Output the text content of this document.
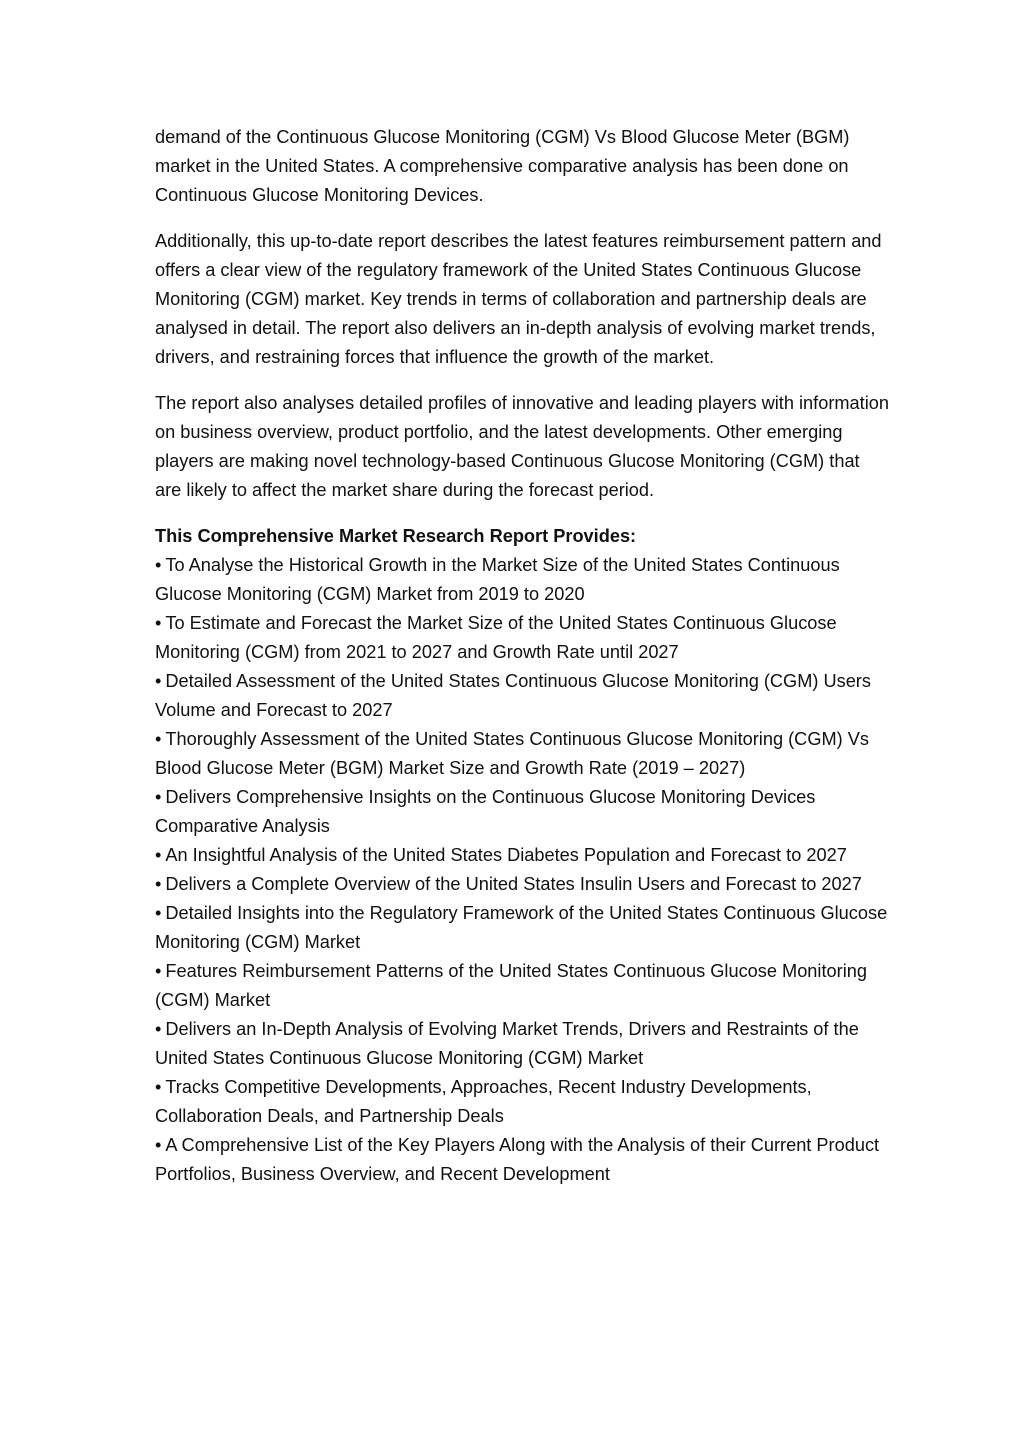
demand of the Continuous Glucose Monitoring (CGM) Vs Blood Glucose Meter (BGM) market in the United States. A comprehensive comparative analysis has been done on Continuous Glucose Monitoring Devices.

Additionally, this up-to-date report describes the latest features reimbursement pattern and offers a clear view of the regulatory framework of the United States Continuous Glucose Monitoring (CGM) market. Key trends in terms of collaboration and partnership deals are analysed in detail. The report also delivers an in-depth analysis of evolving market trends, drivers, and restraining forces that influence the growth of the market.

The report also analyses detailed profiles of innovative and leading players with information on business overview, product portfolio, and the latest developments. Other emerging players are making novel technology-based Continuous Glucose Monitoring (CGM) that are likely to affect the market share during the forecast period.

This Comprehensive Market Research Report Provides:

• To Analyse the Historical Growth in the Market Size of the United States Continuous Glucose Monitoring (CGM) Market from 2019 to 2020
• To Estimate and Forecast the Market Size of the United States Continuous Glucose Monitoring (CGM) from 2021 to 2027 and Growth Rate until 2027
• Detailed Assessment of the United States Continuous Glucose Monitoring (CGM) Users Volume and Forecast to 2027
• Thoroughly Assessment of the United States Continuous Glucose Monitoring (CGM) Vs Blood Glucose Meter (BGM) Market Size and Growth Rate (2019 – 2027)
• Delivers Comprehensive Insights on the Continuous Glucose Monitoring Devices Comparative Analysis
• An Insightful Analysis of the United States Diabetes Population and Forecast to 2027
• Delivers a Complete Overview of the United States Insulin Users and Forecast to 2027
• Detailed Insights into the Regulatory Framework of the United States Continuous Glucose Monitoring (CGM) Market
• Features Reimbursement Patterns of the United States Continuous Glucose Monitoring (CGM) Market
• Delivers an In-Depth Analysis of Evolving Market Trends, Drivers and Restraints of the United States Continuous Glucose Monitoring (CGM) Market
• Tracks Competitive Developments, Approaches, Recent Industry Developments, Collaboration Deals, and Partnership Deals
• A Comprehensive List of the Key Players Along with the Analysis of their Current Product Portfolios, Business Overview, and Recent Development
